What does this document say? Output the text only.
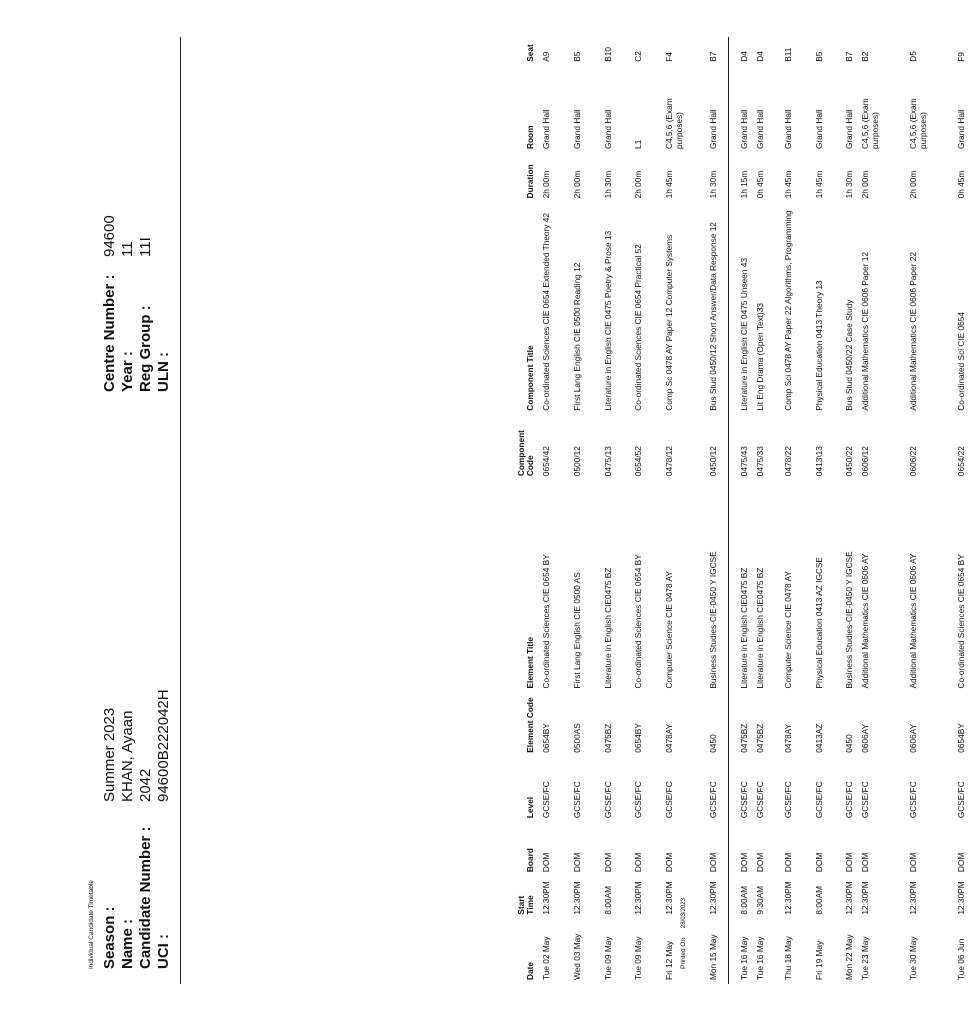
Individual Candidate Timetable Season :
Summer 2023
Name :
KHAN, Ayaan
Candidate Number :
2042
UCI :
94600B222042H
Centre Number :
94600
Year :
11
Reg Group :
11I
ULN :
Date	Start Time	Board	Level	Element Code	Element Title	Component Code	Component Title	Duration	Room	Seat
Tue 02 May	12:30PM	DOM	GCSE/FC	0654BY	Co-ordinated Sciences CIE 0654 BY	0654/42	Co-ordinated Sciences CIE 0654 Extended Theory 42	2h 00m	Grand Hall	A9
Wed 03 May	12:30PM	DOM	GCSE/FC	0500AS	First Lang English CIE 0500 AS	0500/12	First Lang English CIE 0500 Reading 12	2h 00m	Grand Hall	B5
Tue 09 May	8:00AM	DOM	GCSE/FC	0475BZ	Literature in English CIE0475 BZ	0475/13	Literature in English CIE 0475 Poetry & Prose 13	1h 30m	Grand Hall	B10
Tue 09 May	12:30PM	DOM	GCSE/FC	0654BY	Co-ordinated Sciences CIE 0654 BY	0654/52	Co-ordinated Sciences CIE 0654 Practical 52	2h 00m	L1	C2
Fri 12 May	12:30PM	DOM	GCSE/FC	0478AY	Computer Science CIE 0478 AY	0478/12	Comp Sc 0478 AY Paper 12 Computer Systems	1h 45m	C4,5,6 (Exam purposes)	F4
Mon 15 May	12:30PM	DOM	GCSE/FC	0450	Business Studies-CIE-0450 Y IGCSE	0450/12	Bus Stud 0450/12 Short Answer/Data Response 12	1h 30m	Grand Hall	B7
Tue 16 May	8:00AM	DOM	GCSE/FC	0475BZ	Literature in English CIE0475 BZ	0475/43	Literature in English CIE 0475 Unseen 43	1h 15m	Grand Hall	D4
Tue 16 May	9:30AM	DOM	GCSE/FC	0475BZ	Literature in English CIE0475 BZ	0475/33	Lit Eng Drama (Open Text)33	0h 45m	Grand Hall	D4
Thu 18 May	12:30PM	DOM	GCSE/FC	0478AY	Computer Science CIE 0478 AY	0478/22	Comp Sci 0478 AY Paper 22 Algorithms, Programming	1h 45m	Grand Hall	B11
Fri 19 May	8:00AM	DOM	GCSE/FC	0413AZ	Physical Education 0413 AZ IGCSE	0413\13	Physical Education 0413 Theory 13	1h 45m	Grand Hall	B5
Mon 22 May	12:30PM	DOM	GCSE/FC	0450	Business Studies-CIE-0450 Y IGCSE	0450/22	Bus Stud 0450/22 Case Study	1h 30m	Grand Hall	B7
Tue 23 May	12:30PM	DOM	GCSE/FC	0606AY	Additional Mathematics CIE 0606 AY	0606/12	Additional Mathematics CIE 0606 Paper 12	2h 00m	C4,5,6 (Exam purposes)	B2
Tue 30 May	12:30PM	DOM	GCSE/FC	0606AY	Additional Mathematics CIE 0606 AY	0606/22	Additional Mathematics CIE 0606 Paper 22	2h 00m	C4,5,6 (Exam purposes)	D5
Tue 06 Jun	12:30PM	DOM	GCSE/FC	0654BY	Co-ordinated Sciences CIE 0654 BY	0654/22	Co-ordinated Sci CIE 0654	0h 45m	Grand Hall	F9
Printed On 28/03/2023
